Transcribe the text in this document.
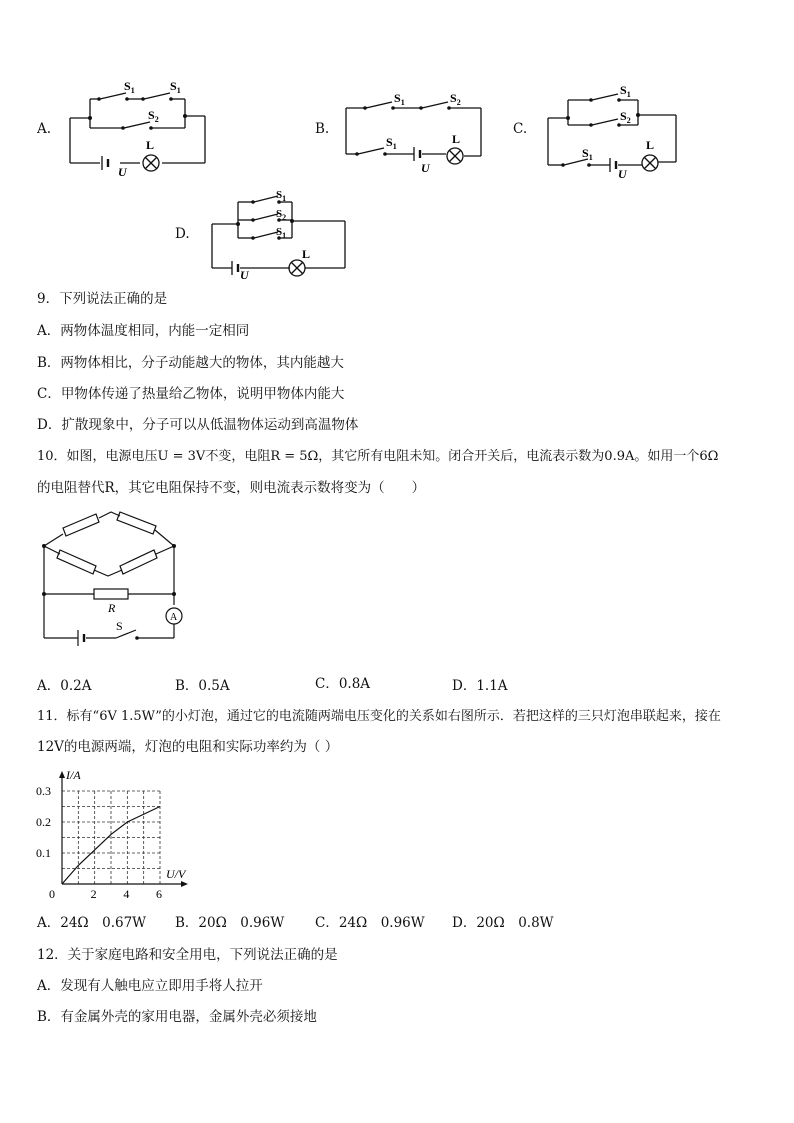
A.
$S_1$	$S_1$
$S_2$
L
U
B.
$S_1$	$S_2$
$S_1$
L
U
C.
$S_1$
$S_2$
$S_1$
L
U
D.
$S_1$
$S_2$
$S_1$
L
U
9．下列说法正确的是
A．两物体温度相同，内能一定相同
B．两物体相比，分子动能越大的物体，其内能越大
C．甲物体传递了热量给乙物体，说明甲物体内能大
D．扩散现象中，分子可以从低温物体运动到高温物体
10．如图，电源电压U = 3V不变，电阻R = 5Ω，其它所有电阻未知。闭合开关后，电流表示数为0.9A。如用一个6Ω
的电阻替代R，其它电阻保持不变，则电流表示数将变为（　　）
R
A
S
A．0.2A	B．0.5A	C．0.8A	D．1.1A
11．标有“6V 1.5W”的小灯泡，通过它的电流随两端电压变化的关系如右图所示．若把这样的三只灯泡串联起来，接在
12V的电源两端，灯泡的电阻和实际功率约为（ ）
2 4 6
0.1
0.2
0.3
0
I/A
U/V
A．24Ω　0.67W B．20Ω　0.96W C．24Ω　0.96W D．20Ω　0.8W
12．关于家庭电路和安全用电，下列说法正确的是
A．发现有人触电应立即用手将人拉开
B．有金属外壳的家用电器，金属外壳必须接地
